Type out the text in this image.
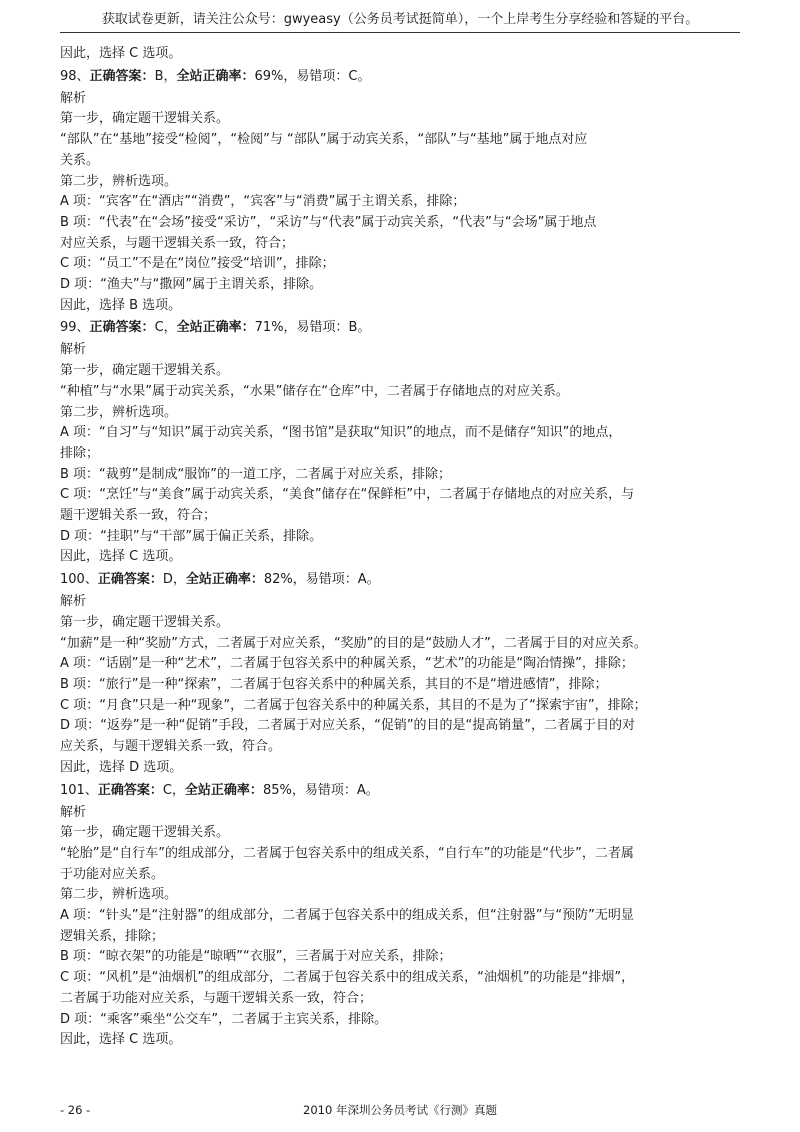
获取试卷更新，请关注公众号：gwyeasy（公务员考试挺简单），一个上岸考生分享经验和答疑的平台。
因此，选择 C 选项。
98、正确答案：B，全站正确率：69%，易错项：C。
解析
第一步，确定题干逻辑关系。
“部队”在“基地”接受“检阅”，“检阅”与 “部队”属于动宾关系，“部队”与“基地”属于地点对应
关系。
第二步，辨析选项。
A 项：“宾客”在“酒店”“消费”，“宾客”与“消费”属于主谓关系，排除；
B 项：“代表”在“会场”接受“采访”，“采访”与“代表”属于动宾关系，“代表”与“会场”属于地点
对应关系，与题干逻辑关系一致，符合；
C 项：“员工”不是在“岗位”接受“培训”，排除；
D 项：“渔夫”与“撒网”属于主谓关系，排除。
因此，选择 B 选项。
99、正确答案：C，全站正确率：71%，易错项：B。
解析
第一步，确定题干逻辑关系。
“种植”与“水果”属于动宾关系，“水果”储存在“仓库”中，二者属于存储地点的对应关系。
第二步，辨析选项。
A 项：“自习”与“知识”属于动宾关系，“图书馆”是获取“知识”的地点，而不是储存“知识”的地点，
排除；
B 项：“裁剪”是制成“服饰”的一道工序，二者属于对应关系，排除；
C 项：“烹饪”与“美食”属于动宾关系，“美食”储存在“保鲜柜”中，二者属于存储地点的对应关系，与
题干逻辑关系一致，符合；
D 项：“挂职”与“干部”属于偏正关系，排除。
因此，选择 C 选项。
100、正确答案：D，全站正确率：82%，易错项：A。
解析
第一步，确定题干逻辑关系。
“加薪”是一种“奖励”方式，二者属于对应关系，“奖励”的目的是“鼓励人才”，二者属于目的对应关系。
A 项：“话剧”是一种“艺术”，二者属于包容关系中的种属关系，“艺术”的功能是“陶冶情操”，排除；
B 项：“旅行”是一种“探索”，二者属于包容关系中的种属关系，其目的不是“增进感情”，排除；
C 项：“月食”只是一种“现象”，二者属于包容关系中的种属关系，其目的不是为了“探索宇宙”，排除；
D 项：“返券”是一种“促销”手段，二者属于对应关系，“促销”的目的是“提高销量”，二者属于目的对
应关系，与题干逻辑关系一致，符合。
因此，选择 D 选项。
101、正确答案：C，全站正确率：85%，易错项：A。
解析
第一步，确定题干逻辑关系。
“轮胎”是“自行车”的组成部分，二者属于包容关系中的组成关系，“自行车”的功能是“代步”，二者属
于功能对应关系。
第二步，辨析选项。
A 项：“针头”是“注射器”的组成部分，二者属于包容关系中的组成关系，但“注射器”与“预防”无明显
逻辑关系，排除；
B 项：“晾衣架”的功能是“晾晒”“衣服”，三者属于对应关系，排除；
C 项：“风机”是“油烟机”的组成部分，二者属于包容关系中的组成关系，“油烟机”的功能是“排烟”，
二者属于功能对应关系，与题干逻辑关系一致，符合；
D 项：“乘客”乘坐“公交车”，二者属于主宾关系，排除。
因此，选择 C 选项。
2010 年深圳公务员考试《行测》真题
- 26 -
